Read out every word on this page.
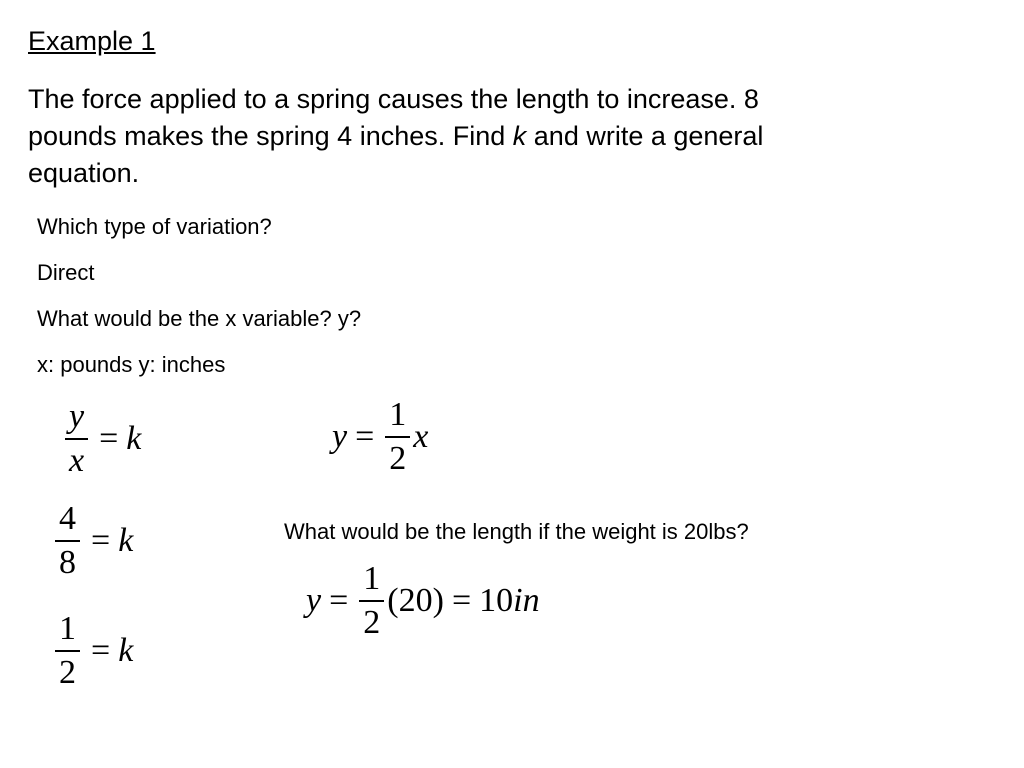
Example 1

The force applied to a spring causes the length to increase. 8

pounds makes the spring 4 inches. Find k and write a general

equation.

Which type of variation?
Direct
What would be the x variable? y?
x: pounds y: inches
$\frac{y}{x} = k$	$y = \frac{1}{2}$ x
$\frac{4}{8} = k$
$\frac{1}{2} = k$
What would be the length if the weight is 20lbs?
$y = \frac{1}{2} (20) = 10$ in
